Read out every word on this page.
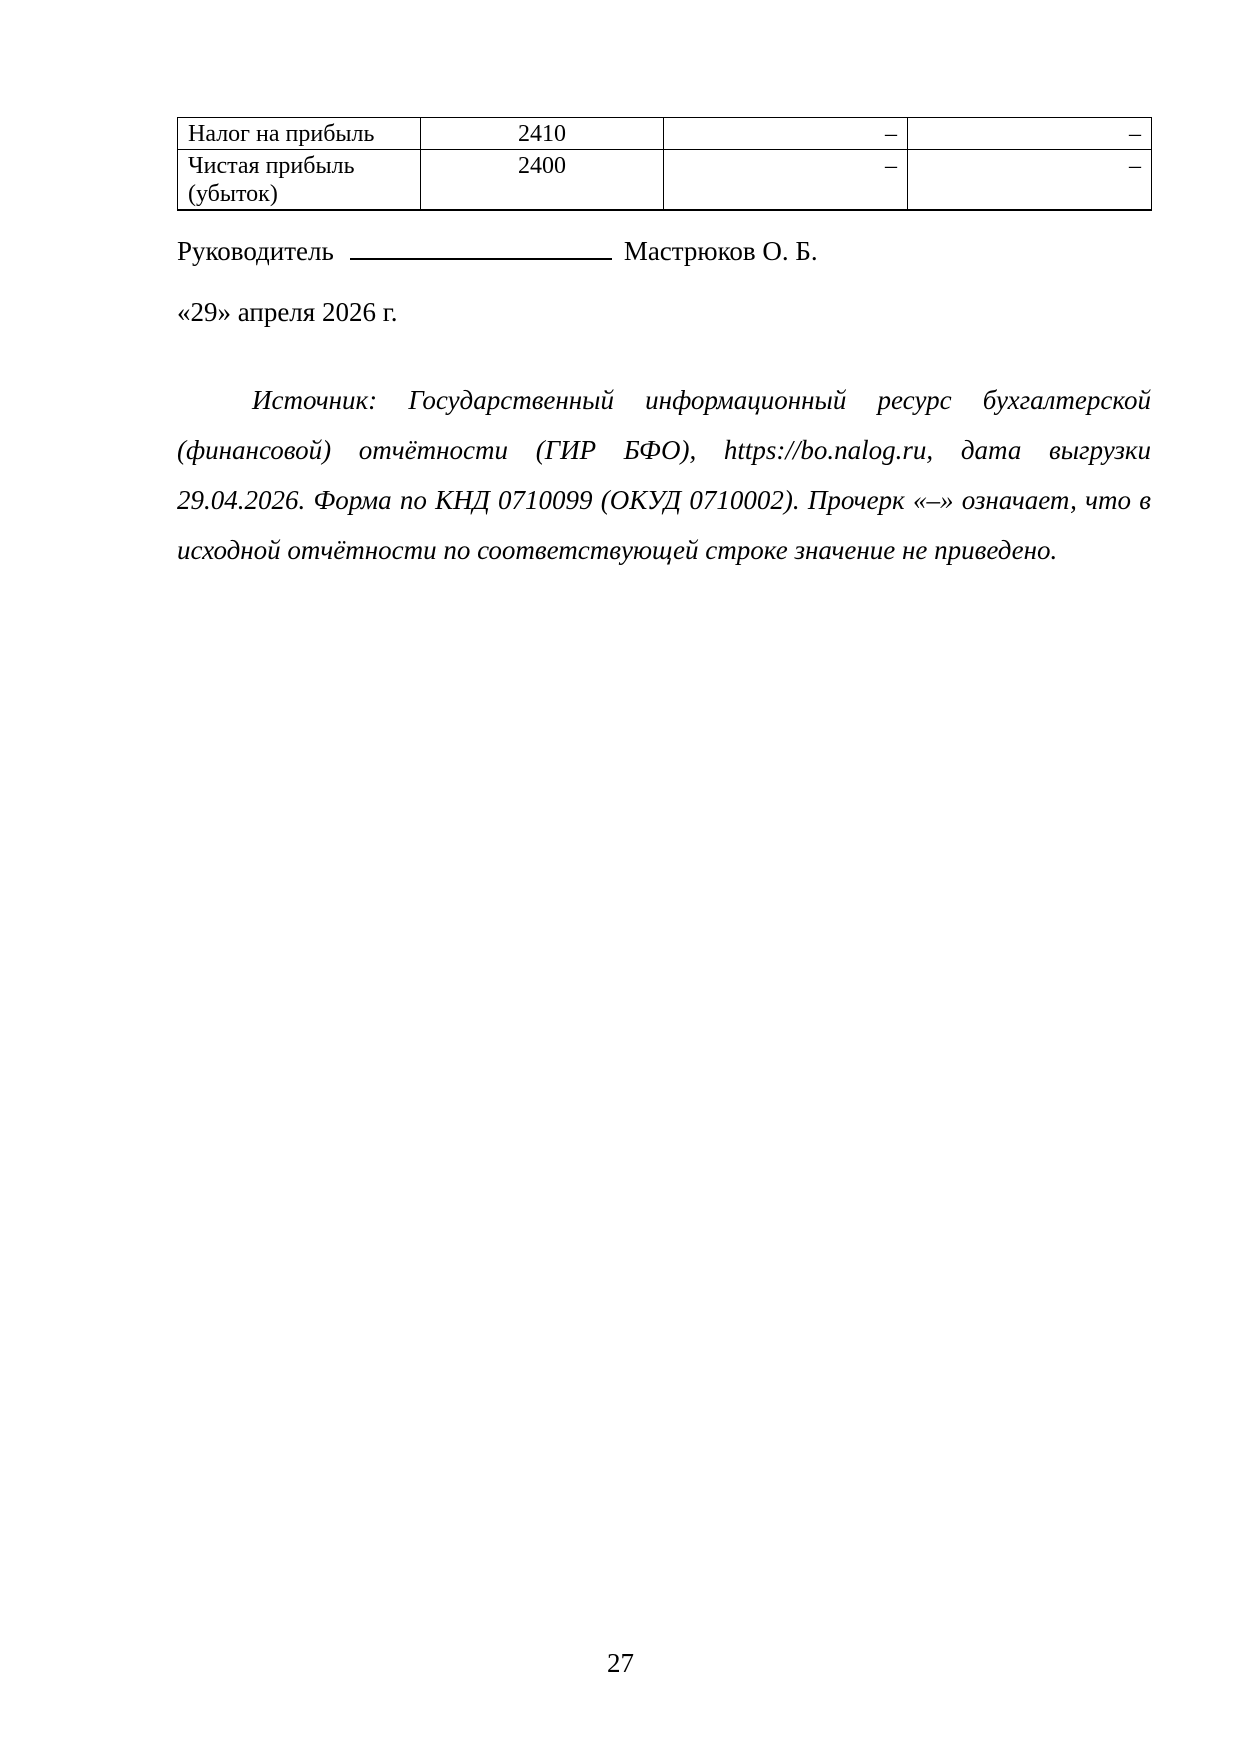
Налог на прибыль	2410	–	–
Чистая прибыль (убыток)	2400	–	–
Руководитель	Мастрюков О. Б.
«29» апреля 2026 г.

Источник: Государственный информационный ресурс бухгалтерской (финансовой) отчётности (ГИР БФО), https://bo.nalog.ru, дата выгрузки 29.04.2026. Форма по КНД 0710099 (ОКУД 0710002). Прочерк «–» означает, что в исходной отчётности по соответствующей строке значение не приведено.

27
